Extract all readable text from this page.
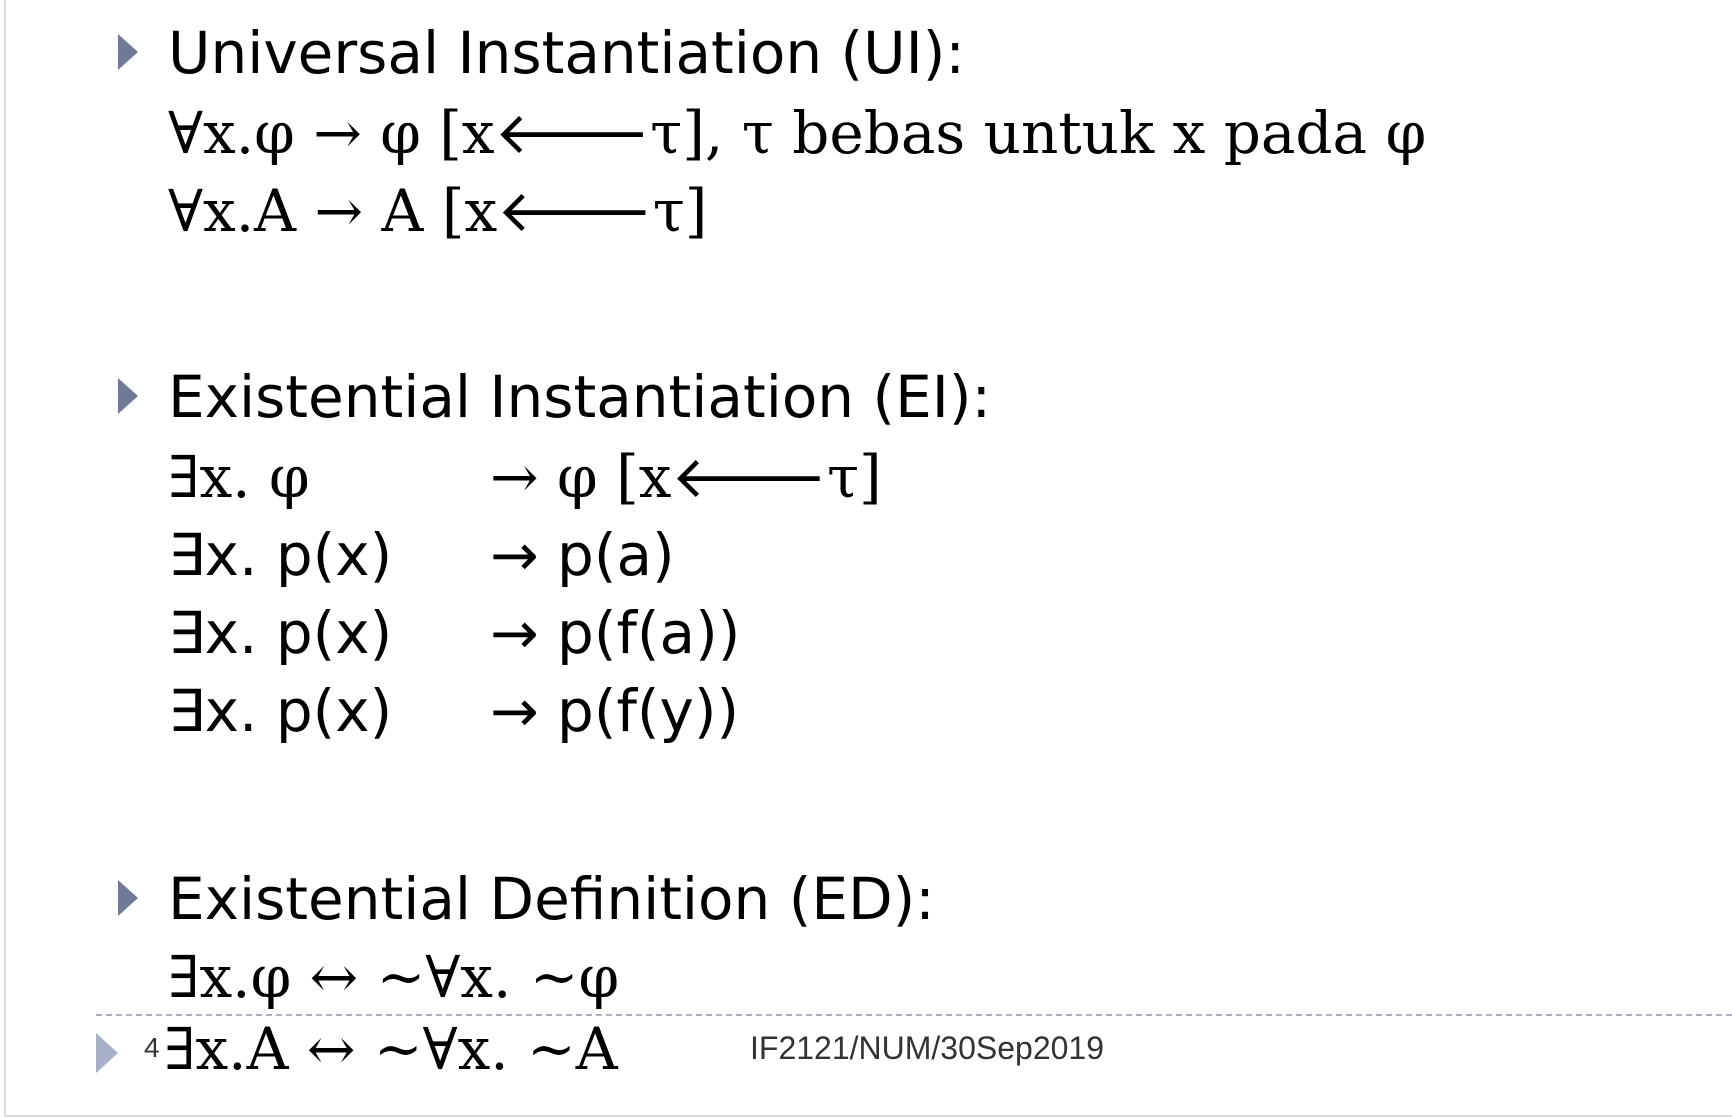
Universal Instantiation (UI):
∀x.φ → φ [x🡐τ], τ bebas untuk x pada φ
∀x.A → A [x🡐τ]
Existential Instantiation (EI):
∃x. φ	→ φ [x🡐τ]
∃x. p(x) → p(a)
∃x. p(x) → p(f(a))
∃x. p(x) → p(f(y))
Existential Definition (ED):
∃x.φ ↔ ~∀x. ~φ
4 ∃x.A ↔ ~∀x. ~A	IF2121/NUM/30Sep2019
